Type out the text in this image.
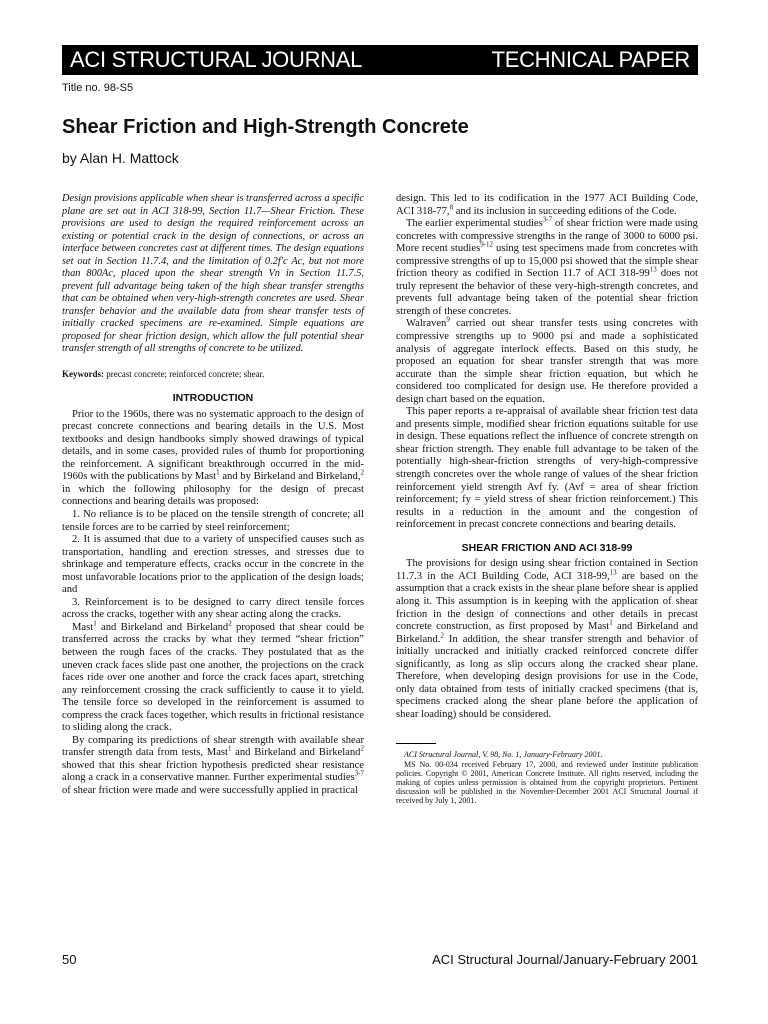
ACI STRUCTURAL JOURNAL	TECHNICAL PAPER
Title no. 98-S5
Shear Friction and High-Strength Concrete
by Alan H. Mattock

Design provisions applicable when shear is transferred across a specific plane are set out in ACI 318-99, Section 11.7—Shear Friction. These provisions are used to design the required reinforcement across an existing or potential crack in the design of connections, or across an interface between concretes cast at different times. The design equations set out in Section 11.7.4, and the limitation of 0.2f′c Ac, but not more than 800Ac, placed upon the shear strength Vn in Section 11.7.5, prevent full advantage being taken of the high shear transfer strengths that can be obtained when very-high-strength concretes are used. Shear transfer behavior and the available data from shear transfer tests of initially cracked specimens are re-examined. Simple equations are proposed for shear friction design, which allow the full potential shear transfer strength of all strengths of concrete to be utilized.

Keywords: precast concrete; reinforced concrete; shear.

INTRODUCTION

Prior to the 1960s, there was no systematic approach to the design of precast concrete connections and bearing details in the U.S. Most textbooks and design handbooks simply showed drawings of typical details, and in some cases, provided rules of thumb for proportioning the reinforcement. A significant breakthrough occurred in the mid-1960s with the publications by Mast$^1$ and by Birkeland and Birkeland,$^2$ in which the following philosophy for the design of precast connections and bearing details was proposed:

1. No reliance is to be placed on the tensile strength of concrete; all tensile forces are to be carried by steel reinforcement;

2. It is assumed that due to a variety of unspecified causes such as transportation, handling and erection stresses, and stresses due to shrinkage and temperature effects, cracks occur in the concrete in the most unfavorable locations prior to the application of the design loads; and

3. Reinforcement is to be designed to carry direct tensile forces across the cracks, together with any shear acting along the cracks.

Mast$^1$ and Birkeland and Birkeland$^2$ proposed that shear could be transferred across the cracks by what they termed “shear friction” between the rough faces of the cracks. They postulated that as the uneven crack faces slide past one another, the projections on the crack faces ride over one another and force the crack faces apart, stretching any reinforcement crossing the crack sufficiently to cause it to yield. The tensile force so developed in the reinforcement is assumed to compress the crack faces together, which results in frictional resistance to sliding along the crack.

By comparing its predictions of shear strength with available shear transfer strength data from tests, Mast$^1$ and Birkeland and Birkeland$^2$ showed that this shear friction hypothesis predicted shear resistance along a crack in a conservative manner. Further experimental studies$^{3-7}$ of shear friction were made and were successfully applied in practical

design. This led to its codification in the 1977 ACI Building Code, ACI 318-77,$^8$ and its inclusion in succeeding editions of the Code.

The earlier experimental studies$^{3-7}$ of shear friction were made using concretes with compressive strengths in the range of 3000 to 6000 psi. More recent studies$^{9-12}$ using test specimens made from concretes with compressive strengths of up to 15,000 psi showed that the simple shear friction theory as codified in Section 11.7 of ACI $318-99^{13}$ does not truly represent the behavior of these very-high-strength concretes, and prevents full advantage being taken of the potential shear friction strength of these concretes.

Walraven$^9$ carried out shear transfer tests using concretes with compressive strengths up to 9000 psi and made a sophisticated analysis of aggregate interlock effects. Based on this study, he proposed an equation for shear transfer strength that was more accurate than the simple shear friction equation, but which he considered too complicated for design use. He therefore provided a design chart based on the equation.

This paper reports a re-appraisal of available shear friction test data and presents simple, modified shear friction equations suitable for use in design. These equations reflect the influence of concrete strength on shear friction strength. They enable full advantage to be taken of the potentially high-shear-friction strengths of very-high-compressive strength concretes over the whole range of values of the shear friction reinforcement yield strength Avf fy. (Avf = area of shear friction reinforcement; fy = yield stress of shear friction reinforcement.) This results in a reduction in the amount and the congestion of reinforcement in precast concrete connections and bearing details.

SHEAR FRICTION AND ACI 318-99

The provisions for design using shear friction contained in Section 11.7.3 in the ACI Building Code, ACI 318-99,13 are based on the assumption that a crack exists in the shear plane before shear is applied along it. This assumption is in keeping with the application of shear friction in the design of connections and other details in precast concrete construction, as first proposed by Mast$^1$ and Birkeland and Birkeland.$^2$ In addition, the shear transfer strength and behavior of initially uncracked and initially cracked reinforced concrete differ significantly, as long as slip occurs along the cracked shear plane. Therefore, when developing design provisions for use in the Code, only data obtained from tests of initially cracked specimens (that is, specimens cracked along the shear plane before the application of shear loading) should be considered.

ACI Structural Journal, V. 98, No. 1, January-February 2001.

MS No. 00-034 received February 17, 2000, and reviewed under Institute publication policies. Copyright © 2001, American Concrete Institute. All rights reserved, including the making of copies unless permission is obtained from the copyright proprietors. Pertinent discussion will be published in the November-December 2001 ACI Structural Journal if received by July 1, 2001.

50	ACI Structural Journal/January-February 2001
